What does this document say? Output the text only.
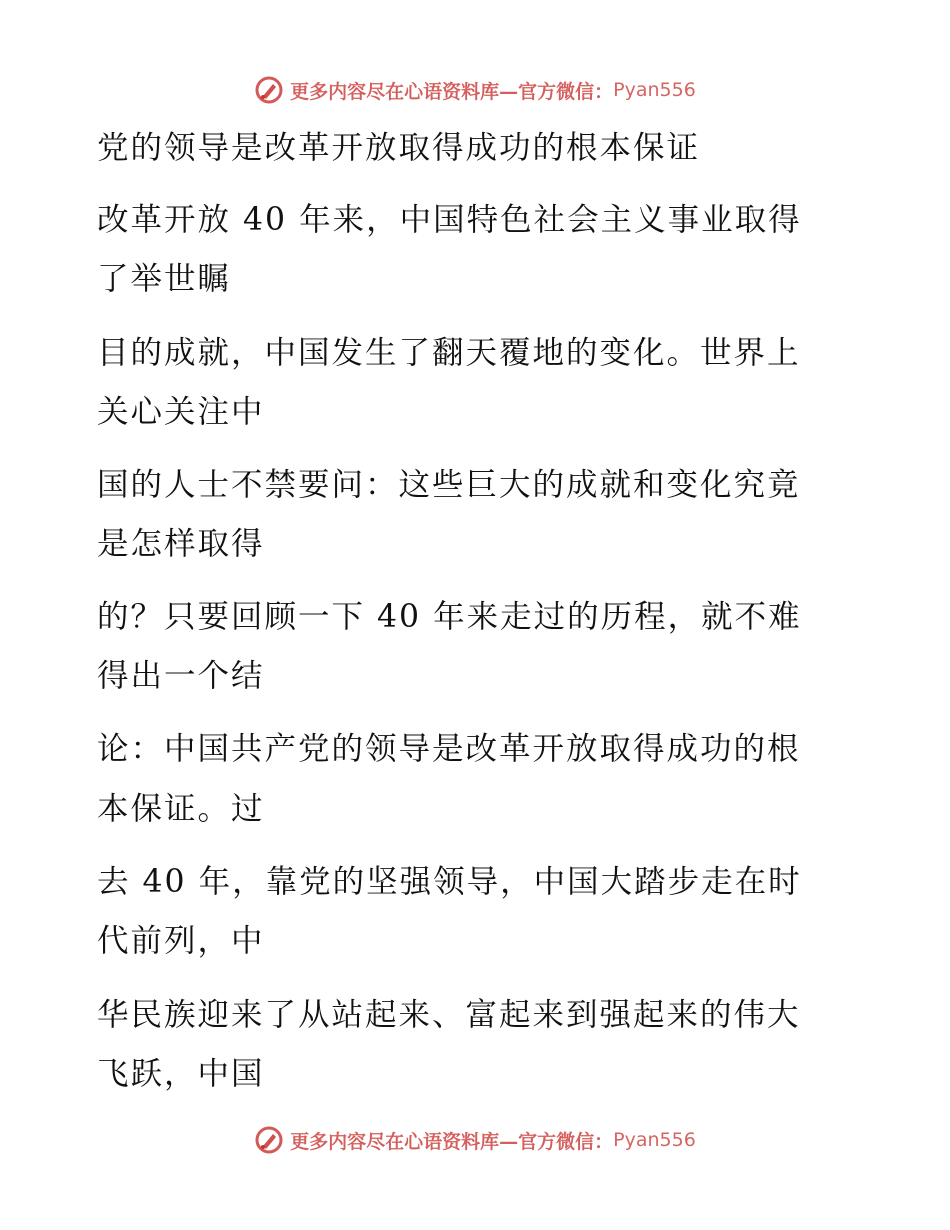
更多内容尽在心语资料库—官方微信： Pyan556
党的领导是改革开放取得成功的根本保证
改革开放 40 年来，中国特色社会主义事业取得
了举世瞩
目的成就，中国发生了翻天覆地的变化。世界上
关心关注中
国的人士不禁要问：这些巨大的成就和变化究竟
是怎样取得
的？只要回顾一下 40 年来走过的历程，就不难
得出一个结
论：中国共产党的领导是改革开放取得成功的根
本保证。过
去 40 年，靠党的坚强领导，中国大踏步走在时
代前列，中
华民族迎来了从站起来、富起来到强起来的伟大
飞跃，中国
更多内容尽在心语资料库—官方微信： Pyan556
